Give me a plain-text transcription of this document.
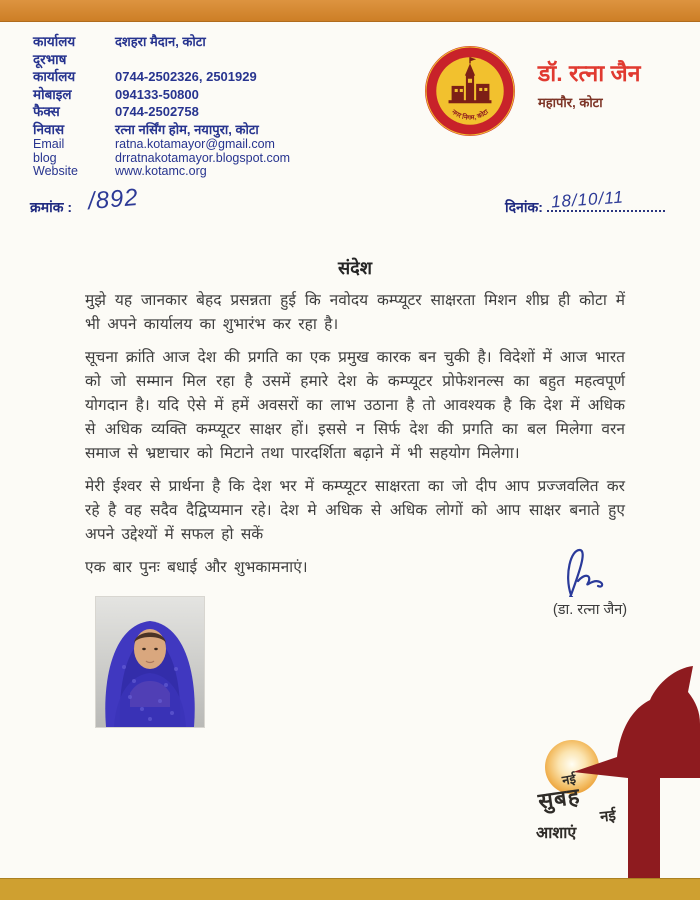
कार्यालय	दशहरा मैदान, कोटा
दूरभाष
कार्यालय	0744-2502326, 2501929
मोबाइल	094133-50800
फैक्स	0744-2502758
निवास	रत्ना नर्सिंग होम, नयापुरा, कोटा
Email	ratna.kotamayor@gmail.com
blog	drratnakotamayor.blogspot.com
Website	www.kotamc.org
नगर निगम, कोटा
डॉ. रत्ना जैन
महापौर, कोटा
क्रमांक : /892	दिनांक: 18/10/11
संदेश

मुझे यह जानकार बेहद प्रसन्नता हुई कि नवोदय कम्प्यूटर साक्षरता मिशन शीघ्र ही कोटा में भी अपने कार्यालय का शुभारंभ कर रहा है।

सूचना क्रांति आज देश की प्रगति का एक प्रमुख कारक बन चुकी है। विदेशों में आज भारत को जो सम्मान मिल रहा है उसमें हमारे देश के कम्प्यूटर प्रोफेशनल्स का बहुत महत्वपूर्ण योगदान है। यदि ऐसे में हमें अवसरों का लाभ उठाना है तो आवश्यक है कि देश में अधिक से अधिक व्यक्ति कम्प्यूटर साक्षर हों। इससे न सिर्फ देश की प्रगति का बल मिलेगा वरन समाज से भ्रष्टाचार को मिटाने तथा पारदर्शिता बढ़ाने में भी सहयोग मिलेगा।

मेरी ईश्वर से प्रार्थना है कि देश भर में कम्प्यूटर साक्षरता का जो दीप आप प्रज्जवलित कर रहे है वह सदैव दैद्विप्यमान रहे। देश मे अधिक से अधिक लोगों को आप साक्षर बनाते हुए अपने उद्देश्यों में सफल हो सकें

एक बार पुनः बधाई और शुभकामनाएं।

(डा. रत्ना जैन)
नई
सुबह
नई
आशाएं
